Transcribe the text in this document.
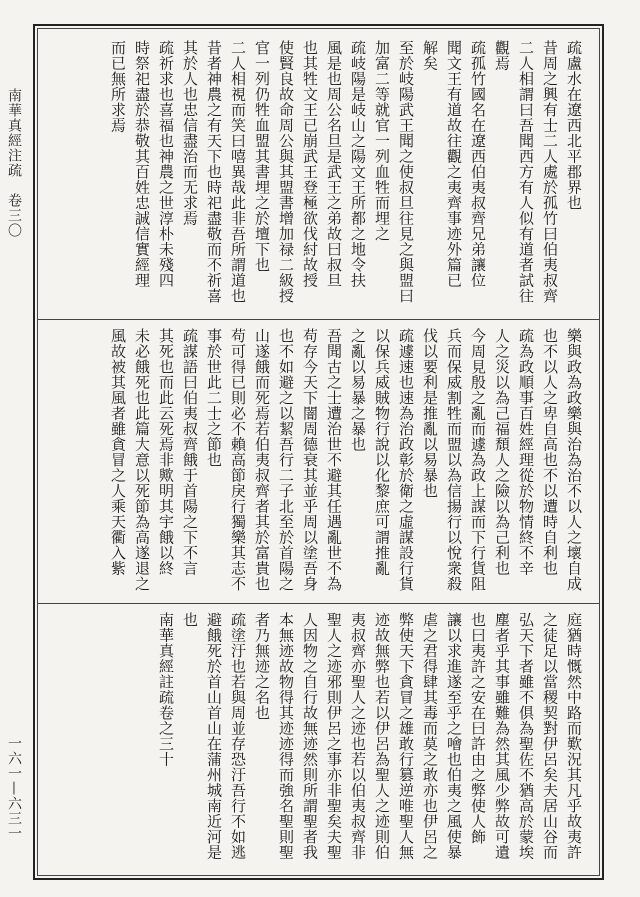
南華真經注疏　卷三〇
一六一—六三一
疏盧水在遼西北平郡界也
昔周之興有士二人處於孤竹曰伯夷叔齊
二人相謂曰吾聞西方有人似有道者試往
觀焉
疏孤竹國名在遼西伯夷叔齊兄弟讓位
聞文王有道故往觀之夷齊事迹外篇已
解矣
至於岐陽武王聞之使叔旦往見之與盟曰
加富二等就官一列血牲而埋之
疏岐陽是岐山之陽文王所都之地令扶
風是也周公名旦是武王之弟故曰叔旦
也其牲文王已崩武王登極欲伐紂故授
使賢良故命周公與其盟書增加禄二級授
官一列仍牲血盟其書埋之於壇下也
二人相視而笑曰嘻異哉此非吾所謂道也
昔者神農之有天下也時祀盡敬而不祈喜
其於人也忠信盡治而无求焉
疏祈求也喜福也神農之世淳朴未殘四
時祭祀盡於恭敬其百姓忠誠信實經理
而已無所求焉
樂與政為政樂與治為治不以人之壞自成
也不以人之卑自高也不以遭時自利也
疏為政順事百姓經理從於物情終不辛
人之災以為己福頹人之險以為己利也
今周見殷之亂而遽為政上謀而下行貨阻
兵而保威割牲而盟以為信揚行以悅衆殺
伐以要利是推亂以易暴也
疏遽速也速為治政彰於衛之虛謀設行貨
以保兵威賊物行說以化黎庶可謂推亂
之亂以易暴之暴也
吾聞古之士遭治世不避其任遇亂世不為
苟存今天下闇周德衰其並乎周以塗吾身
也不如避之以絜吾行二子北至於首陽之
山遂餓而死焉若伯夷叔齊者其於富貴也
苟可得已則必不賴高節戾行獨樂其志不
事於世此二士之節也
疏謀語曰伯夷叔齊餓于首陽之下不言
其死也而此云死焉非歟明其宇餓以終
未必餓死也此篇大意以死節為高遂退之
風故被其風者雖貪冒之人乘天衢入紫
庭猶時慨然中路而歎況其凡乎故夷許
之徒足以當稷契對伊呂矣夫居山谷而
弘天下者雖不俱為聖佐不猶高於蒙埃
塵者乎其事雖難為然其風少弊故可遺
也曰夷許之安在曰許由之弊使人飾
讓以求進遂至乎之噲也伯夷之風使暴
虐之君得肆其毒而莫之敢亦也伊呂之
弊使天下貪冒之雄敢行篡逆唯聖人無
迹故無弊也若以伊呂為聖人之迹則伯
夷叔齊亦聖人之迹也若以伯夷叔齊非
聖人之迹邪則伊呂之事亦非聖矣夫聖
人因物之自行故無迹然則所謂聖者我
本無迹故物得其迹迹得而強名聖則聖
者乃無迹之名也
疏塗汙也若與周並存恐汙吾行不如逃
避餓死於首山首山在蒲州城南近河是
也
南華真經註疏卷之三十
